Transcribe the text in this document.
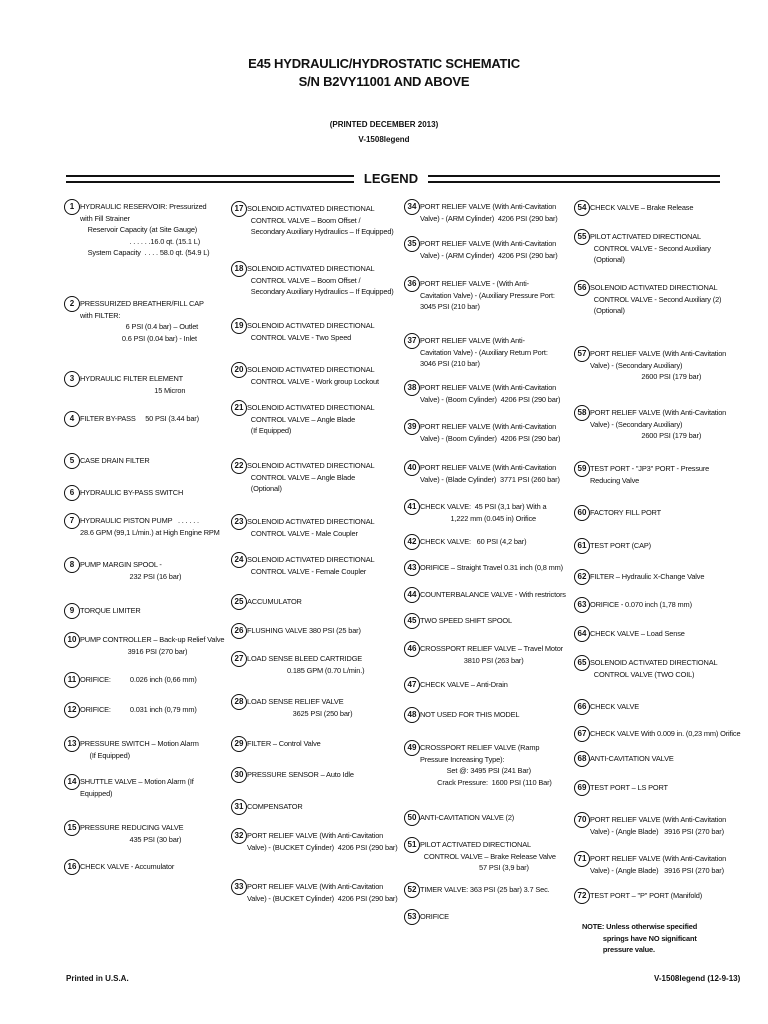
E45 HYDRAULIC/HYDROSTATIC SCHEMATIC
S/N B2VY11001 AND ABOVE
(PRINTED DECEMBER 2013)
V-1508legend
LEGEND
1 HYDRAULIC RESERVOIR: Pressurized
with Fill Strainer
Reservoir Capacity (at Site Gauge)
. . . . . .16.0 qt. (15.1 L)
System Capacity  . . . . 58.0 qt. (54.9 L)
2 PRESSURIZED BREATHER/FILL CAP
with FILTER:
6 PSI (0.4 bar) – Outlet
0.6 PSI (0.04 bar) - Inlet
3 HYDRAULIC FILTER ELEMENT
15 Micron
4 FILTER BY-PASS     50 PSI (3.44 bar)
5 CASE DRAIN FILTER
6 HYDRAULIC BY-PASS SWITCH
7 HYDRAULIC PISTON PUMP   . . . . . .
28.6 GPM (99,1 L/min.) at High Engine RPM
8 PUMP MARGIN SPOOL -
232 PSI (16 bar)
9 TORQUE LIMITER
10 PUMP CONTROLLER – Back-up Relief Valve
3916 PSI (270 bar)
11 ORIFICE:          0.026 inch (0,66 mm)
12 ORIFICE:          0.031 inch (0,79 mm)
13 PRESSURE SWITCH – Motion Alarm
(If Equipped)
14 SHUTTLE VALVE – Motion Alarm (If
Equipped)
15 PRESSURE REDUCING VALVE
435 PSI (30 bar)
16 CHECK VALVE - Accumulator
17 SOLENOID ACTIVATED DIRECTIONAL
CONTROL VALVE – Boom Offset /
Secondary Auxiliary Hydraulics – If Equipped)
18 SOLENOID ACTIVATED DIRECTIONAL
CONTROL VALVE – Boom Offset /
Secondary Auxiliary Hydraulics – If Equipped)
19 SOLENOID ACTIVATED DIRECTIONAL
CONTROL VALVE - Two Speed
20 SOLENOID ACTIVATED DIRECTIONAL
CONTROL VALVE - Work group Lockout
21 SOLENOID ACTIVATED DIRECTIONAL
CONTROL VALVE – Angle Blade
(If Equipped)
22 SOLENOID ACTIVATED DIRECTIONAL
CONTROL VALVE – Angle Blade
(Optional)
23 SOLENOID ACTIVATED DIRECTIONAL
CONTROL VALVE - Male Coupler
24 SOLENOID ACTIVATED DIRECTIONAL
CONTROL VALVE - Female Coupler
25 ACCUMULATOR
26 FLUSHING VALVE 380 PSI (25 bar)
27 LOAD SENSE BLEED CARTRIDGE
0.185 GPM (0.70 L/min.)
28 LOAD SENSE RELIEF VALVE
3625 PSI (250 bar)
29 FILTER – Control Valve
30 PRESSURE SENSOR – Auto Idle
31 COMPENSATOR
32 PORT RELIEF VALVE (With Anti-Cavitation
Valve) - (BUCKET Cylinder)  4206 PSI (290 bar)
33 PORT RELIEF VALVE (With Anti-Cavitation
Valve) - (BUCKET Cylinder)  4206 PSI (290 bar)
34 PORT RELIEF VALVE (With Anti-Cavitation
Valve) - (ARM Cylinder)  4206 PSI (290 bar)
35 PORT RELIEF VALVE (With Anti-Cavitation
Valve) - (ARM Cylinder)  4206 PSI (290 bar)
36 PORT RELIEF VALVE - (With Anti-
Cavitation Valve) - (Auxiliary Pressure Port:
3045 PSI (210 bar)
37 PORT RELIEF VALVE (With Anti-
Cavitation Valve) - (Auxiliary Return Port:
3046 PSI (210 bar)
38 PORT RELIEF VALVE (With Anti-Cavitation
Valve) - (Boom Cylinder)  4206 PSI (290 bar)
39 PORT RELIEF VALVE (With Anti-Cavitation
Valve) - (Boom Cylinder)  4206 PSI (290 bar)
40 PORT RELIEF VALVE (With Anti-Cavitation
Valve) - (Blade Cylinder)  3771 PSI (260 bar)
41 CHECK VALVE:  45 PSI (3,1 bar) With a
1,222 mm (0.045 in) Orifice
42 CHECK VALVE:   60 PSI (4,2 bar)
43 ORIFICE – Straight Travel 0.31 inch (0,8 mm)
44 COUNTERBALANCE VALVE - With restrictors
45 TWO SPEED SHIFT SPOOL
46 CROSSPORT RELIEF VALVE – Travel Motor
3810 PSI (263 bar)
47 CHECK VALVE – Anti-Drain
48 NOT USED FOR THIS MODEL
49 CROSSPORT RELIEF VALVE (Ramp
Pressure Increasing Type):
Set @: 3495 PSI (241 Bar)
Crack Pressure:  1600 PSI (110 Bar)
50 ANTI-CAVITATION VALVE (2)
51 PILOT ACTIVATED DIRECTIONAL
CONTROL VALVE – Brake Release Valve
57 PSI (3,9 bar)
52 TIMER VALVE: 363 PSI (25 bar) 3.7 Sec.
53 ORIFICE
54 CHECK VALVE – Brake Release
55 PILOT ACTIVATED DIRECTIONAL
CONTROL VALVE - Second Auxiliary
(Optional)
56 SOLENOID ACTIVATED DIRECTIONAL
CONTROL VALVE - Second Auxiliary (2)
(Optional)
57 PORT RELIEF VALVE (With Anti-Cavitation
Valve) - (Secondary Auxiliary)
2600 PSI (179 bar)
58 PORT RELIEF VALVE (With Anti-Cavitation
Valve) - (Secondary Auxiliary)
2600 PSI (179 bar)
59 TEST PORT - "JP3" PORT - Pressure
Reducing Valve
60 FACTORY FILL PORT
61 TEST PORT (CAP)
62 FILTER – Hydraulic X-Change Valve
63 ORIFICE - 0.070 inch (1,78 mm)
64 CHECK VALVE – Load Sense
65 SOLENOID ACTIVATED DIRECTIONAL
CONTROL VALVE (TWO COIL)
66 CHECK VALVE
67 CHECK VALVE With 0.009 in. (0,23 mm) Orifice
68 ANTI-CAVITATION VALVE
69 TEST PORT – LS PORT
70 PORT RELIEF VALVE (With Anti-Cavitation
Valve) - (Angle Blade)   3916 PSI (270 bar)
71 PORT RELIEF VALVE (With Anti-Cavitation
Valve) - (Angle Blade)   3916 PSI (270 bar)
72 TEST PORT – "P" PORT (Manifold)
NOTE: Unless otherwise specified
springs have NO significant
pressure value.
Printed in U.S.A.	V-1508legend (12-9-13)
